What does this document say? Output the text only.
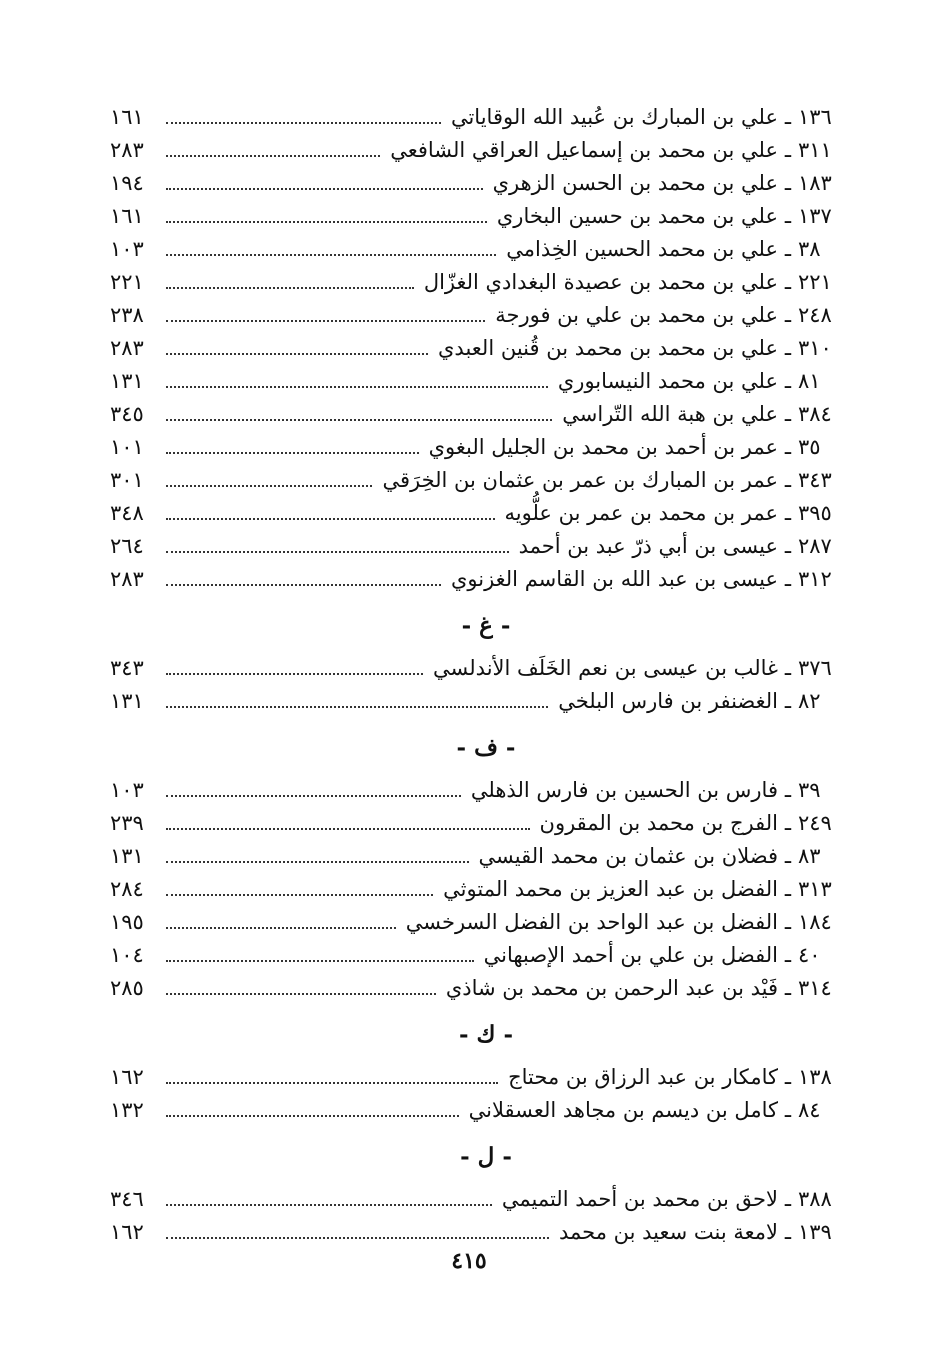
١٣٦
ـ
علي بن المبارك بن عُبيد الله الوقاياتي
١٦١
٣١١
ـ
علي بن محمد بن إسماعيل العراقي الشافعي
٢٨٣
١٨٣
ـ
علي بن محمد بن الحسن الزهري
١٩٤
١٣٧
ـ
علي بن محمد بن حسين البخاري
١٦١
٣٨
ـ
علي بن محمد الحسين الخِذامي
١٠٣
٢٢١
ـ
علي بن محمد بن عصيدة البغدادي الغزّال
٢٢١
٢٤٨
ـ
علي بن محمد بن علي بن فورجة
٢٣٨
٣١٠
ـ
علي بن محمد بن محمد بن قُنين العبدي
٢٨٣
٨١
ـ
علي بن محمد النيسابوري
١٣١
٣٨٤
ـ
علي بن هبة الله التّراسي
٣٤٥
٣٥
ـ
عمر بن أحمد بن محمد بن الجليل البغوي
١٠١
٣٤٣
ـ
عمر بن المبارك بن عمر بن عثمان بن الخِرَقي
٣٠١
٣٩٥
ـ
عمر بن محمد بن عمر بن علُّويه
٣٤٨
٢٨٧
ـ
عيسى بن أبي ذرّ عبد بن أحمد
٢٦٤
٣١٢
ـ
عيسى بن عبد الله بن القاسم الغزنوي
٢٨٣
- غ -
٣٧٦
ـ
غالب بن عيسى بن نعم الخَلَف الأندلسي
٣٤٣
٨٢
ـ
الغضنفر بن فارس البلخي
١٣١
- ف -
٣٩
ـ
فارس بن الحسين بن فارس الذهلي
١٠٣
٢٤٩
ـ
الفرج بن محمد بن المقرون
٢٣٩
٨٣
ـ
فضلان بن عثمان بن محمد القيسي
١٣١
٣١٣
ـ
الفضل بن عبد العزيز بن محمد المتوثي
٢٨٤
١٨٤
ـ
الفضل بن عبد الواحد بن الفضل السرخسي
١٩٥
٤٠
ـ
الفضل بن علي بن أحمد الإصبهاني
١٠٤
٣١٤
ـ
فَيْد بن عبد الرحمن بن محمد بن شاذي
٢٨٥
- ك -
١٣٨
ـ
كامكار بن عبد الرزاق بن محتاج
١٦٢
٨٤
ـ
كامل بن ديسم بن مجاهد العسقلاني
١٣٢
- ل -
٣٨٨
ـ
لاحق بن محمد بن أحمد التميمي
٣٤٦
١٣٩
ـ
لامعة بنت سعيد بن محمد
١٦٢
٤١٥
